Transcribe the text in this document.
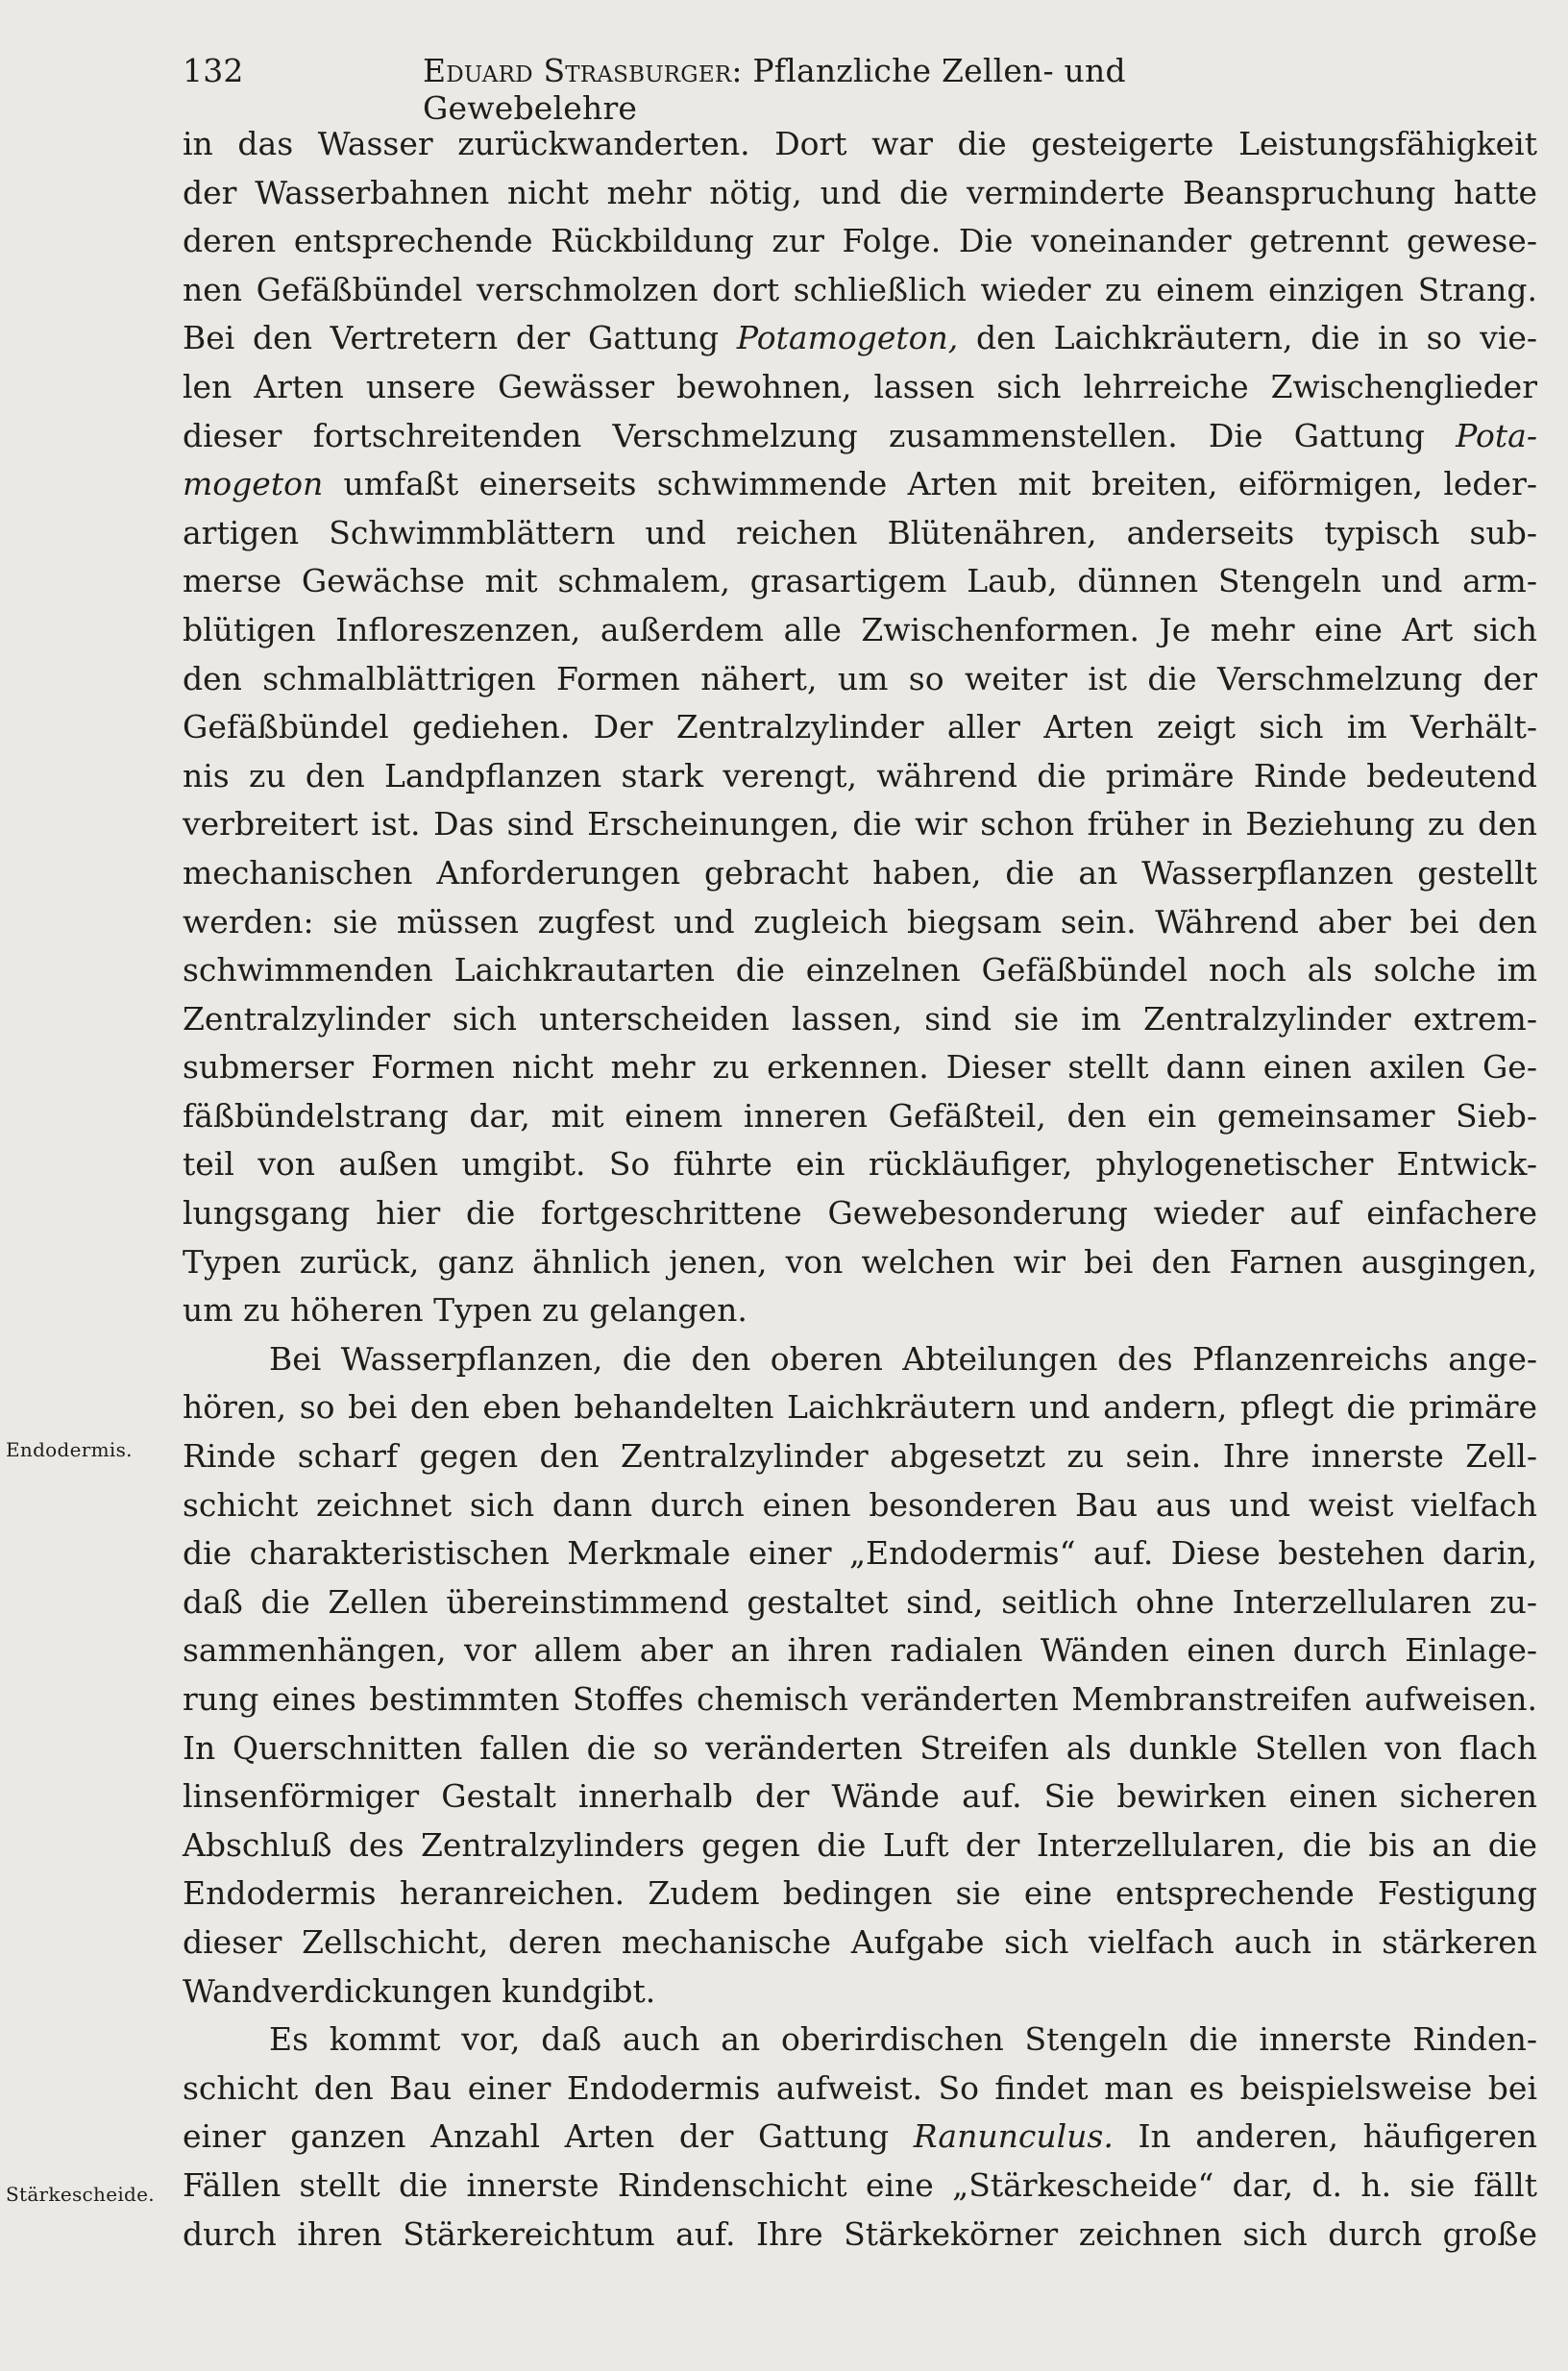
132	Eduard Strasburger: Pflanzliche Zellen- und Gewebelehre
Endodermis.
Stärkescheide.
in das Wasser zurückwanderten. Dort war die gesteigerte Leistungsfähigkeit
der Wasserbahnen nicht mehr nötig, und die verminderte Beanspruchung hatte
deren entsprechende Rückbildung zur Folge. Die voneinander getrennt gewese-
nen Gefäßbündel verschmolzen dort schließlich wieder zu einem einzigen Strang.
Bei den Vertretern der Gattung Potamogeton, den Laichkräutern, die in so vie-
len Arten unsere Gewässer bewohnen, lassen sich lehrreiche Zwischenglieder
dieser fortschreitenden Verschmelzung zusammenstellen. Die Gattung Pota-
mogeton umfaßt einerseits schwimmende Arten mit breiten, eiförmigen, leder-
artigen Schwimmblättern und reichen Blütenähren, anderseits typisch sub-
merse Gewächse mit schmalem, grasartigem Laub, dünnen Stengeln und arm-
blütigen Infloreszenzen, außerdem alle Zwischenformen. Je mehr eine Art sich
den schmalblättrigen Formen nähert, um so weiter ist die Verschmelzung der
Gefäßbündel gediehen. Der Zentralzylinder aller Arten zeigt sich im Verhält-
nis zu den Landpflanzen stark verengt, während die primäre Rinde bedeutend
verbreitert ist. Das sind Erscheinungen, die wir schon früher in Beziehung zu den
mechanischen Anforderungen gebracht haben, die an Wasserpflanzen gestellt
werden: sie müssen zugfest und zugleich biegsam sein. Während aber bei den
schwimmenden Laichkrautarten die einzelnen Gefäßbündel noch als solche im
Zentralzylinder sich unterscheiden lassen, sind sie im Zentralzylinder extrem-
submerser Formen nicht mehr zu erkennen. Dieser stellt dann einen axilen Ge-
fäßbündelstrang dar, mit einem inneren Gefäßteil, den ein gemeinsamer Sieb-
teil von außen umgibt. So führte ein rückläufiger, phylogenetischer Entwick-
lungsgang hier die fortgeschrittene Gewebesonderung wieder auf einfachere
Typen zurück, ganz ähnlich jenen, von welchen wir bei den Farnen ausgingen,
um zu höheren Typen zu gelangen.
Bei Wasserpflanzen, die den oberen Abteilungen des Pflanzenreichs ange-
hören, so bei den eben behandelten Laichkräutern und andern, pflegt die primäre
Rinde scharf gegen den Zentralzylinder abgesetzt zu sein. Ihre innerste Zell-
schicht zeichnet sich dann durch einen besonderen Bau aus und weist vielfach
die charakteristischen Merkmale einer „Endodermis“ auf. Diese bestehen darin,
daß die Zellen übereinstimmend gestaltet sind, seitlich ohne Interzellularen zu-
sammenhängen, vor allem aber an ihren radialen Wänden einen durch Einlage-
rung eines bestimmten Stoffes chemisch veränderten Membranstreifen aufweisen.
In Querschnitten fallen die so veränderten Streifen als dunkle Stellen von flach
linsenförmiger Gestalt innerhalb der Wände auf. Sie bewirken einen sicheren
Abschluß des Zentralzylinders gegen die Luft der Interzellularen, die bis an die
Endodermis heranreichen. Zudem bedingen sie eine entsprechende Festigung
dieser Zellschicht, deren mechanische Aufgabe sich vielfach auch in stärkeren
Wandverdickungen kundgibt.
Es kommt vor, daß auch an oberirdischen Stengeln die innerste Rinden-
schicht den Bau einer Endodermis aufweist. So findet man es beispielsweise bei
einer ganzen Anzahl Arten der Gattung Ranunculus. In anderen, häufigeren
Fällen stellt die innerste Rindenschicht eine „Stärkescheide“ dar, d. h. sie fällt
durch ihren Stärkereichtum auf. Ihre Stärkekörner zeichnen sich durch große
